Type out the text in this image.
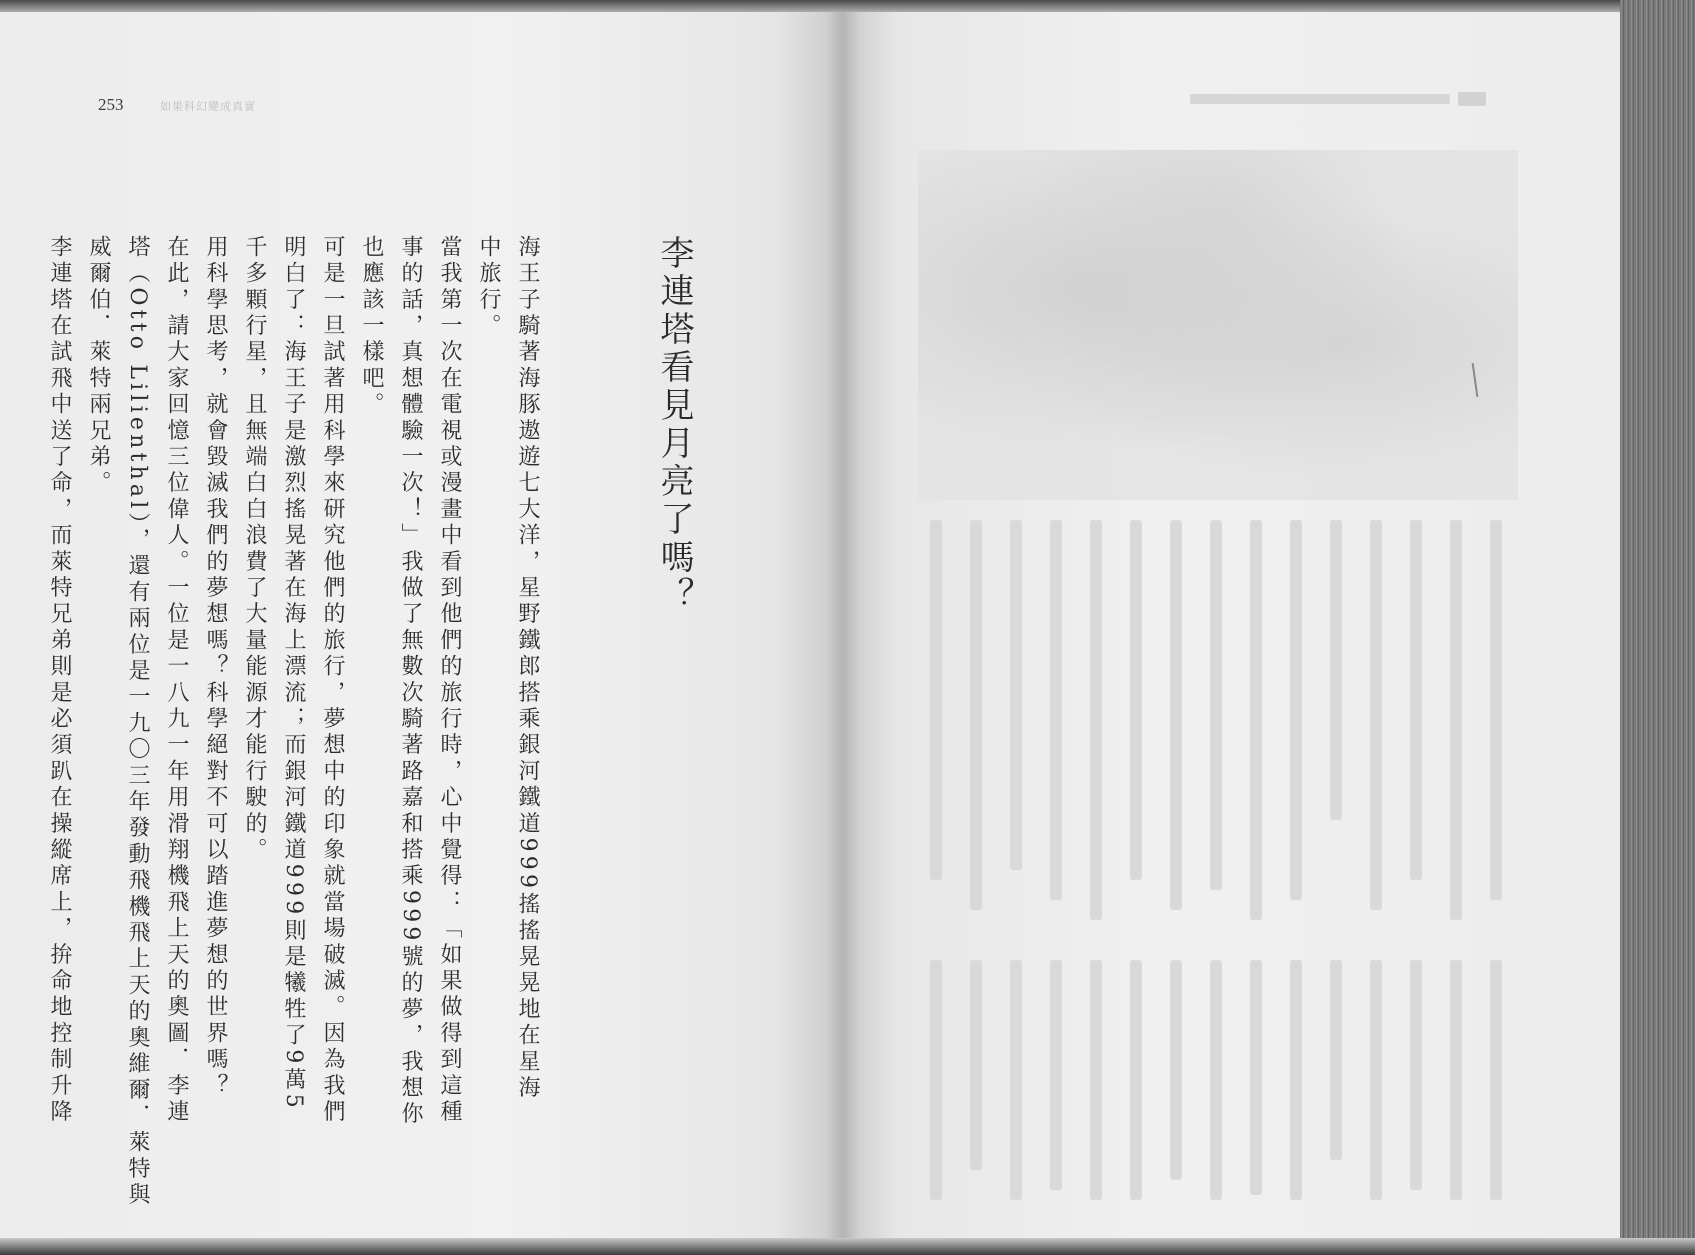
253	如果科幻變成真實
李連塔看見月亮了嗎？
海王子騎著海豚遨遊七大洋，星野鐵郎搭乘銀河鐵道999搖搖晃晃地在星海
中旅行。
當我第一次在電視或漫畫中看到他們的旅行時，心中覺得：「如果做得到這種
事的話，真想體驗一次！」我做了無數次騎著路嘉和搭乘999號的夢，我想你
也應該一樣吧。
可是一旦試著用科學來研究他們的旅行，夢想中的印象就當場破滅。因為我們
明白了：海王子是激烈搖晃著在海上漂流；而銀河鐵道999則是犧牲了9萬5
千多顆行星，且無端白白浪費了大量能源才能行駛的。
用科學思考，就會毀滅我們的夢想嗎？科學絕對不可以踏進夢想的世界嗎？
在此，請大家回憶三位偉人。一位是一八九一年用滑翔機飛上天的奧圖．李連
塔（Otto Lilienthal），還有兩位是一九〇三年發動飛機飛上天的奧維爾．萊特與
威爾伯．萊特兩兄弟。
李連塔在試飛中送了命，而萊特兄弟則是必須趴在操縱席上，拚命地控制升降
